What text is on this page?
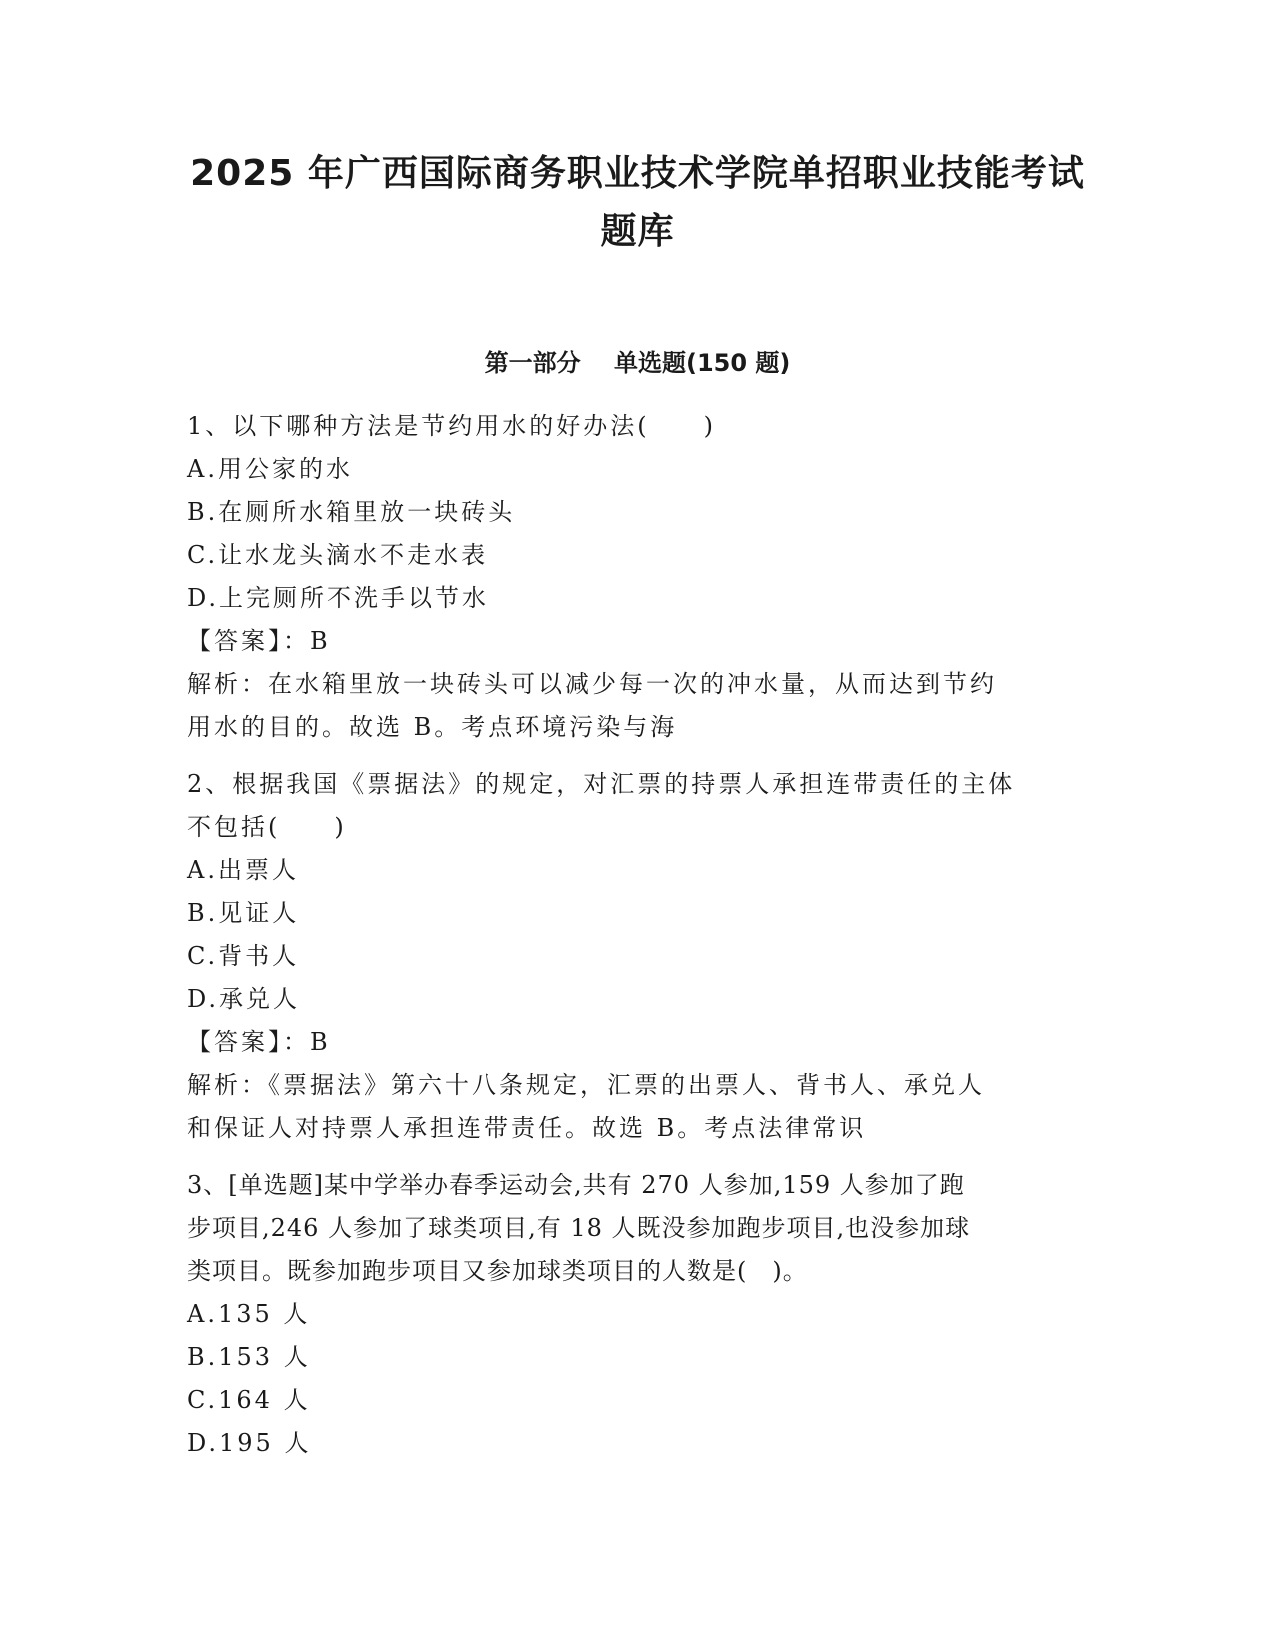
2025 年广西国际商务职业技术学院单招职业技能考试
题库
第一部分    单选题(150 题)

1、以下哪种方法是节约用水的好办法(　　)

A.用公家的水

B.在厕所水箱里放一块砖头

C.让水龙头滴水不走水表

D.上完厕所不洗手以节水

【答案】：B

解析：在水箱里放一块砖头可以减少每一次的冲水量，从而达到节约

用水的目的。故选 B。考点环境污染与海

2、根据我国《票据法》的规定，对汇票的持票人承担连带责任的主体

不包括(　　)

A.出票人

B.见证人

C.背书人

D.承兑人

【答案】：B

解析：《票据法》第六十八条规定，汇票的出票人、背书人、承兑人

和保证人对持票人承担连带责任。故选 B。考点法律常识

3、[单选题]某中学举办春季运动会,共有 270 人参加,159 人参加了跑

步项目,246 人参加了球类项目,有 18 人既没参加跑步项目,也没参加球

类项目。既参加跑步项目又参加球类项目的人数是(　)。

A.135 人

B.153 人

C.164 人

D.195 人
